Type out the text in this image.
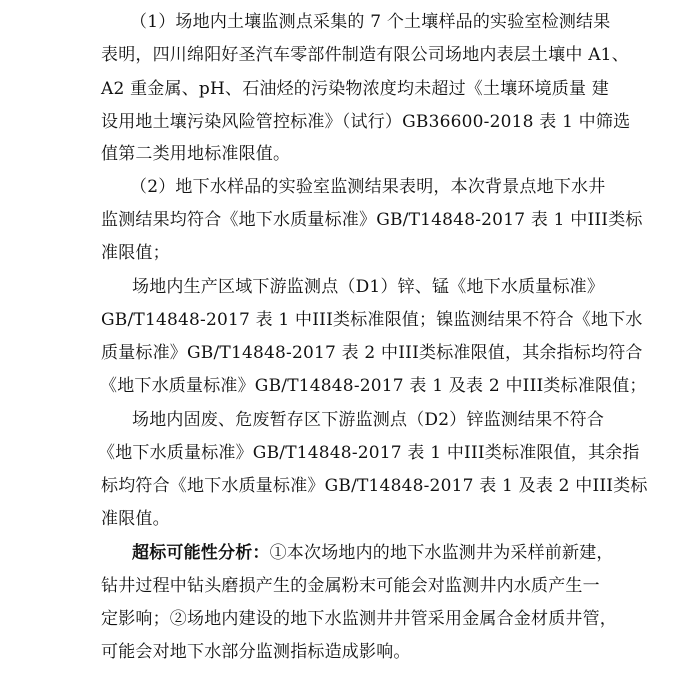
（1）场地内土壤监测点采集的 7 个土壤样品的实验室检测结果
表明，四川绵阳好圣汽车零部件制造有限公司场地内表层土壤中 A1、
A2 重金属、pH、石油烃的污染物浓度均未超过《土壤环境质量 建
设用地土壤污染风险管控标准》（试行）GB36600-2018 表 1 中筛选
值第二类用地标准限值。
（2）地下水样品的实验室监测结果表明，本次背景点地下水井
监测结果均符合《地下水质量标准》GB/T14848-2017 表 1 中III类标
准限值；
场地内生产区域下游监测点（D1）锌、锰《地下水质量标准》
GB/T14848-2017 表 1 中III类标准限值；镍监测结果不符合《地下水
质量标准》GB/T14848-2017 表 2 中III类标准限值，其余指标均符合
《地下水质量标准》GB/T14848-2017 表 1 及表 2 中III类标准限值；
场地内固废、危废暂存区下游监测点（D2）锌监测结果不符合
《地下水质量标准》GB/T14848-2017 表 1 中III类标准限值，其余指
标均符合《地下水质量标准》GB/T14848-2017 表 1 及表 2 中III类标
准限值。
超标可能性分析：①本次场地内的地下水监测井为采样前新建，
钻井过程中钻头磨损产生的金属粉末可能会对监测井内水质产生一
定影响；②场地内建设的地下水监测井井管采用金属合金材质井管，
可能会对地下水部分监测指标造成影响。
